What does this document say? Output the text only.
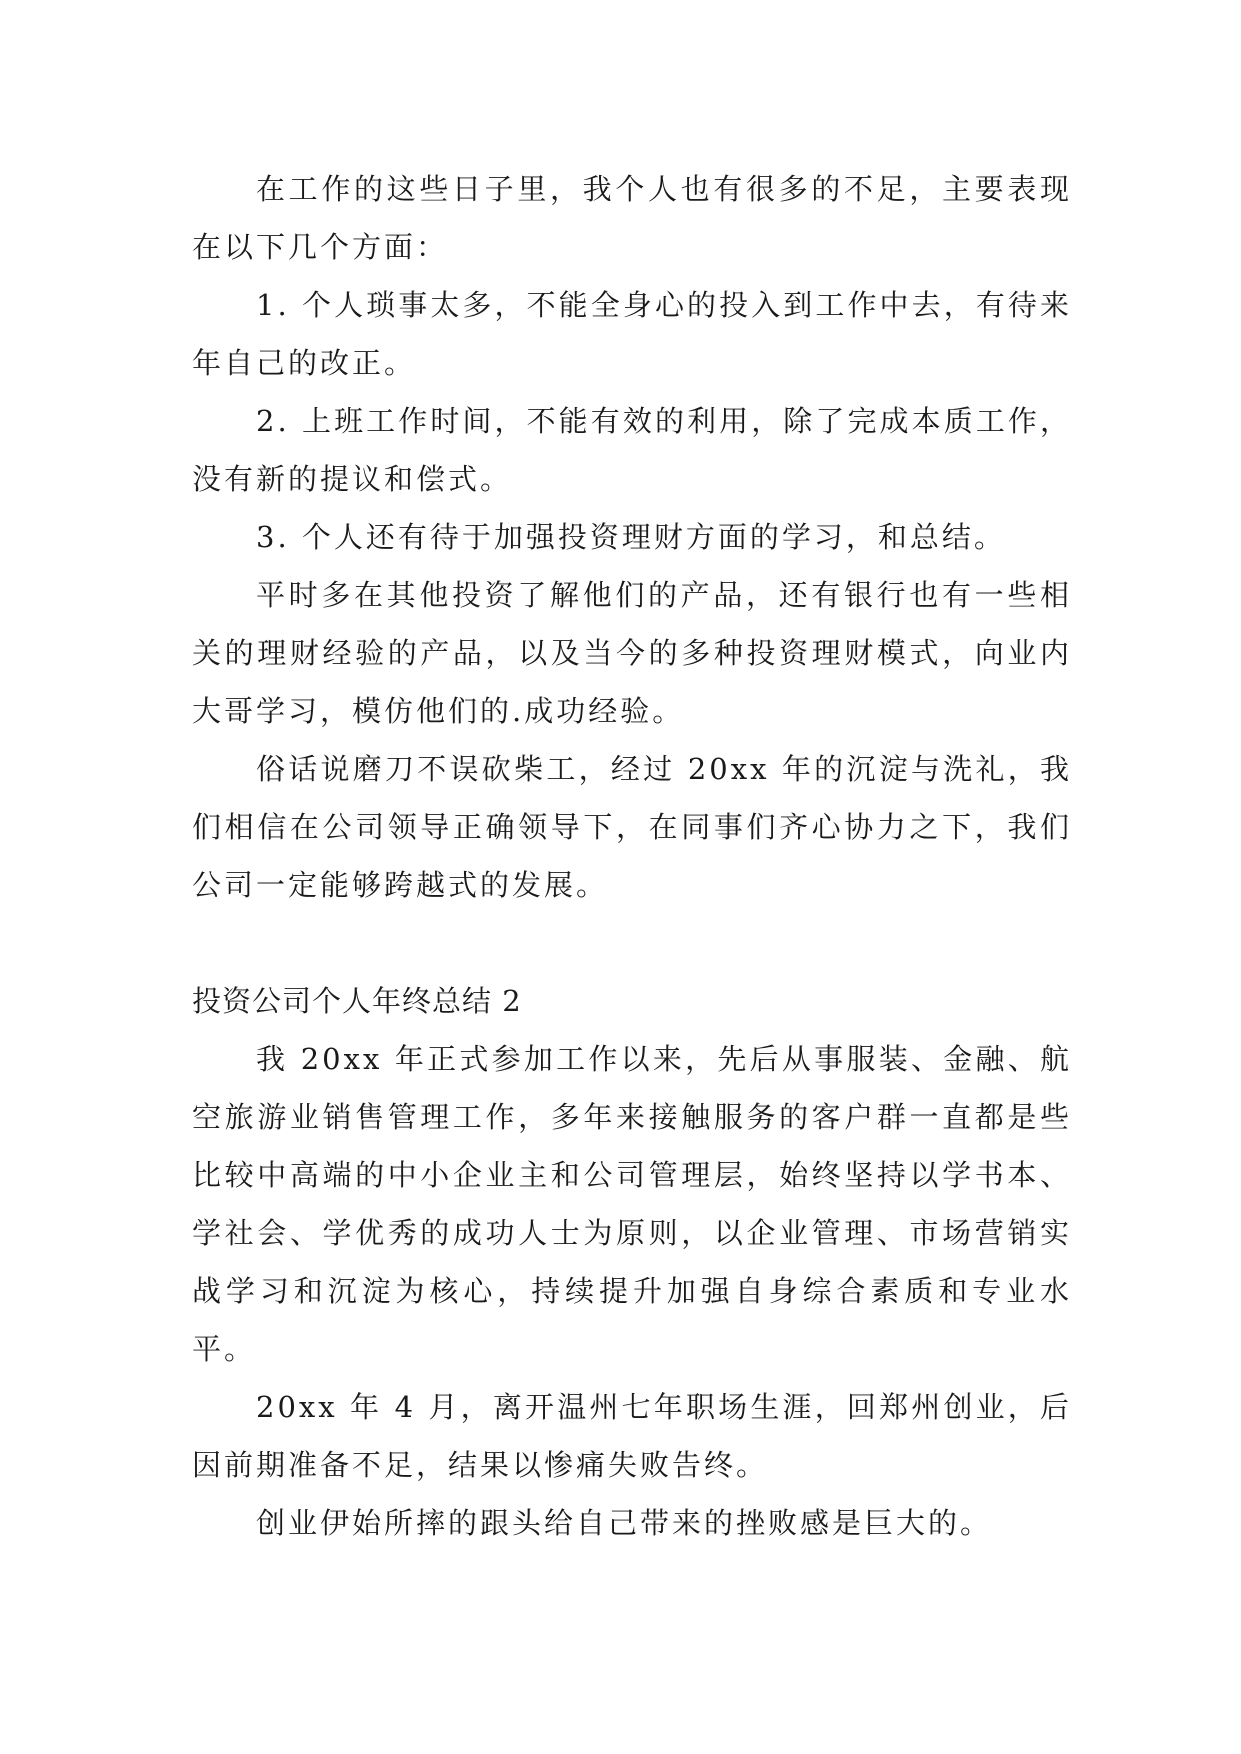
在工作的这些日子里，我个人也有很多的不足，主要表现在以下几个方面：

1. 个人琐事太多，不能全身心的投入到工作中去，有待来年自己的改正。

2. 上班工作时间，不能有效的利用，除了完成本质工作，没有新的提议和偿式。

3. 个人还有待于加强投资理财方面的学习，和总结。

平时多在其他投资了解他们的产品，还有银行也有一些相关的理财经验的产品，以及当今的多种投资理财模式，向业内大哥学习，模仿他们的.成功经验。

俗话说磨刀不误砍柴工，经过 20xx 年的沉淀与洗礼，我们相信在公司领导正确领导下，在同事们齐心协力之下，我们公司一定能够跨越式的发展。

投资公司个人年终总结 2

我 20xx 年正式参加工作以来，先后从事服装、金融、航空旅游业销售管理工作，多年来接触服务的客户群一直都是些比较中高端的中小企业主和公司管理层，始终坚持以学书本、学社会、学优秀的成功人士为原则，以企业管理、市场营销实战学习和沉淀为核心，持续提升加强自身综合素质和专业水平。

20xx 年 4 月，离开温州七年职场生涯，回郑州创业，后因前期准备不足，结果以惨痛失败告终。

创业伊始所摔的跟头给自己带来的挫败感是巨大的。
